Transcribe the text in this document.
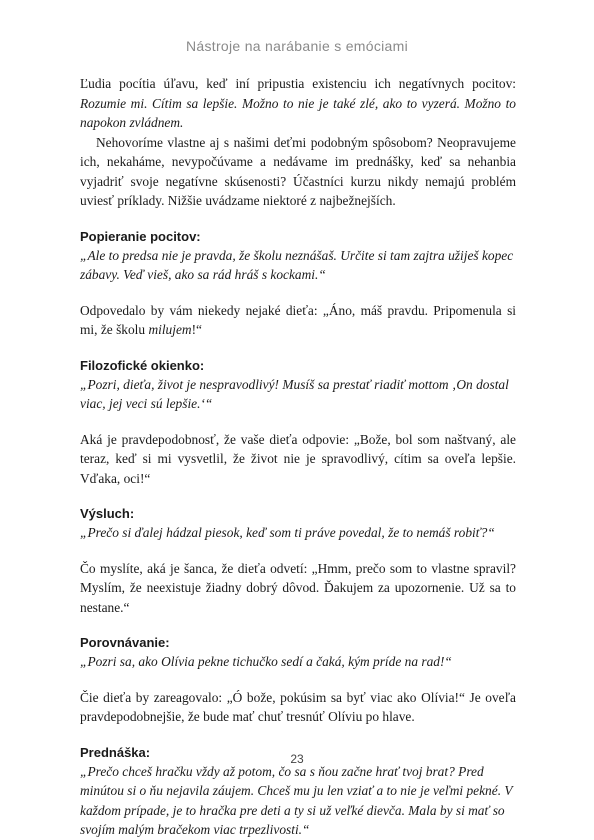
Nástroje na narábanie s emóciami

Ľudia pocítia úľavu, keď iní pripustia existenciu ich negatívnych pocitov: Rozumie mi. Cítim sa lepšie. Možno to nie je také zlé, ako to vyzerá. Možno to napokon zvládnem.

Nehovoríme vlastne aj s našimi deťmi podobným spôsobom? Neopravujeme ich, nekaháme, nevypočúvame a nedávame im prednášky, keď sa nehanbia vyjadriť svoje negatívne skúsenosti? Účastníci kurzu nikdy nemajú problém uviesť príklady. Nižšie uvádzame niektoré z najbežnejších.

Popieranie pocitov:
„Ale to predsa nie je pravda, že školu neznášaš. Určite si tam zajtra užiješ kopec zábavy. Veď vieš, ako sa rád hráš s kockami.“

Odpovedalo by vám niekedy nejaké dieťa: „Áno, máš pravdu. Pripomenula si mi, že školu milujem!“

Filozofické okienko:
„Pozri, dieťa, život je nespravodlivý! Musíš sa prestať riadiť mottom ‚On dostal viac, jej veci sú lepšie.‘“

Aká je pravdepodobnosť, že vaše dieťa odpovie: „Bože, bol som naštvaný, ale teraz, keď si mi vysvetlil, že život nie je spravodlivý, cítim sa oveľa lepšie. Vďaka, oci!“

Výsluch:
„Prečo si ďalej hádzal piesok, keď som ti práve povedal, že to nemáš robiť?“

Čo myslíte, aká je šanca, že dieťa odvetí: „Hmm, prečo som to vlastne spravil? Myslím, že neexistuje žiadny dobrý dôvod. Ďakujem za upozornenie. Už sa to nestane.“

Porovnávanie:
„Pozri sa, ako Olívia pekne tichučko sedí a čaká, kým príde na rad!“

Čie dieťa by zareagovalo: „Ó bože, pokúsim sa byť viac ako Olívia!“ Je oveľa pravdepodobnejšie, že bude mať chuť tresnúť Olíviu po hlave.

Prednáška:
„Prečo chceš hračku vždy až potom, čo sa s ňou začne hrať tvoj brat? Pred minútou si o ňu nejavila záujem. Chceš mu ju len vziať a to nie je veľmi pekné. V každom prípade, je to hračka pre deti a ty si už veľké dievča. Mala by si mať so svojím malým bračekom viac trpezlivosti.“
23
